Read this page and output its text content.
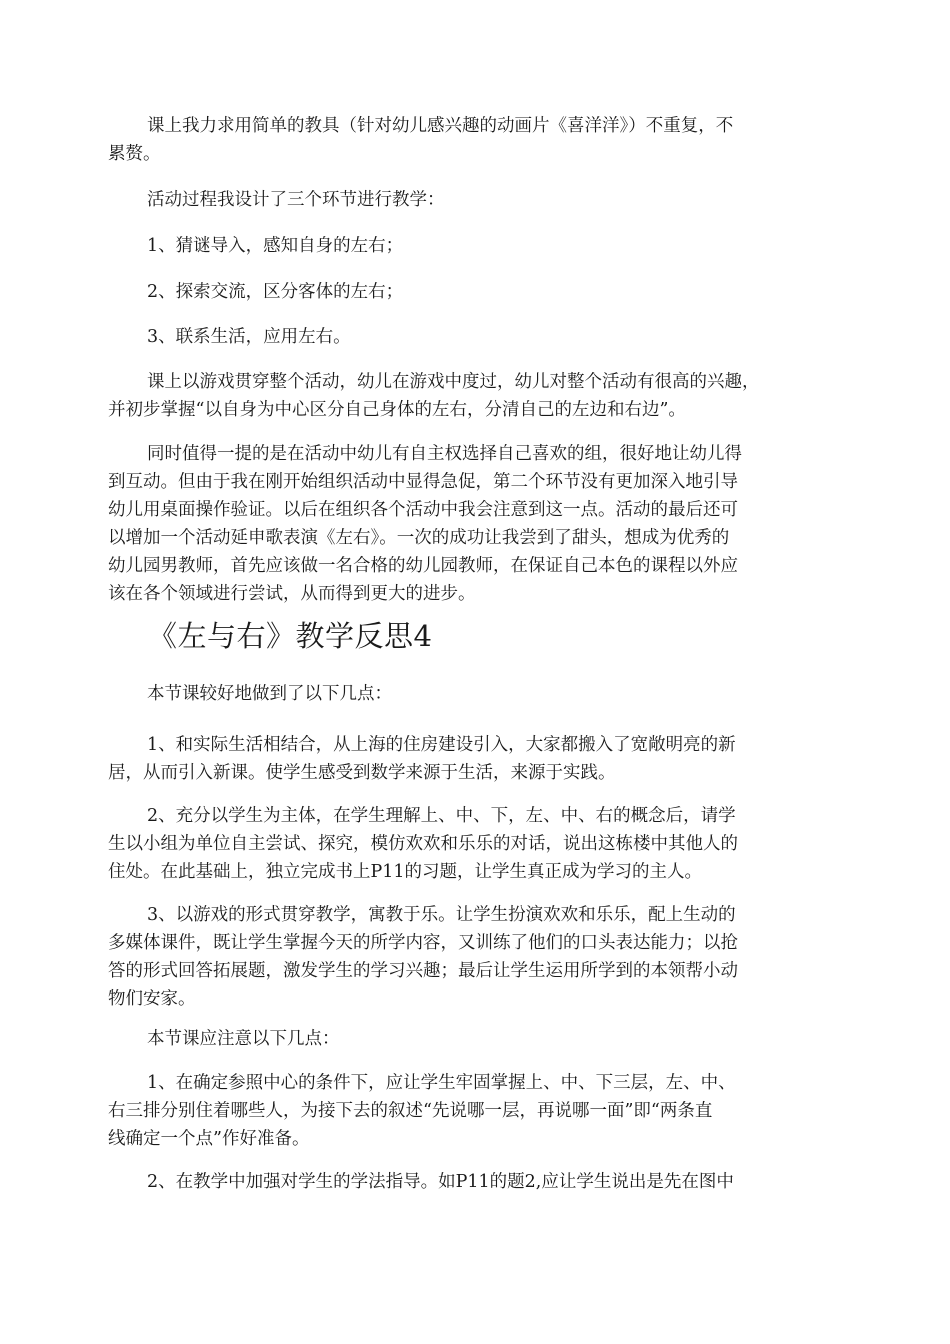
课上我力求用简单的教具（针对幼儿感兴趣的动画片《喜洋洋》）不重复，不
累赘。

活动过程我设计了三个环节进行教学：

1、猜谜导入，感知自身的左右；

2、探索交流，区分客体的左右；

3、联系生活，应用左右。

课上以游戏贯穿整个活动，幼儿在游戏中度过，幼儿对整个活动有很高的兴趣，
并初步掌握“以自身为中心区分自己身体的左右，分清自己的左边和右边”。

同时值得一提的是在活动中幼儿有自主权选择自己喜欢的组，很好地让幼儿得
到互动。但由于我在刚开始组织活动中显得急促，第二个环节没有更加深入地引导
幼儿用桌面操作验证。以后在组织各个活动中我会注意到这一点。活动的最后还可
以增加一个活动延申歌表演《左右》。一次的成功让我尝到了甜头，想成为优秀的
幼儿园男教师，首先应该做一名合格的幼儿园教师，在保证自己本色的课程以外应
该在各个领域进行尝试，从而得到更大的进步。

《左与右》教学反思4

本节课较好地做到了以下几点：

1、和实际生活相结合，从上海的住房建设引入，大家都搬入了宽敞明亮的新
居，从而引入新课。使学生感受到数学来源于生活，来源于实践。

2、充分以学生为主体，在学生理解上、中、下，左、中、右的概念后，请学
生以小组为单位自主尝试、探究，模仿欢欢和乐乐的对话，说出这栋楼中其他人的
住处。在此基础上，独立完成书上P11的习题，让学生真正成为学习的主人。

3、以游戏的形式贯穿教学，寓教于乐。让学生扮演欢欢和乐乐，配上生动的
多媒体课件，既让学生掌握今天的所学内容，又训练了他们的口头表达能力；以抢
答的形式回答拓展题，激发学生的学习兴趣；最后让学生运用所学到的本领帮小动
物们安家。

本节课应注意以下几点：

1、在确定参照中心的条件下，应让学生牢固掌握上、中、下三层，左、中、
右三排分别住着哪些人，为接下去的叙述“先说哪一层，再说哪一面”即“两条直
线确定一个点”作好准备。

2、在教学中加强对学生的学法指导。如P11的题2,应让学生说出是先在图中
